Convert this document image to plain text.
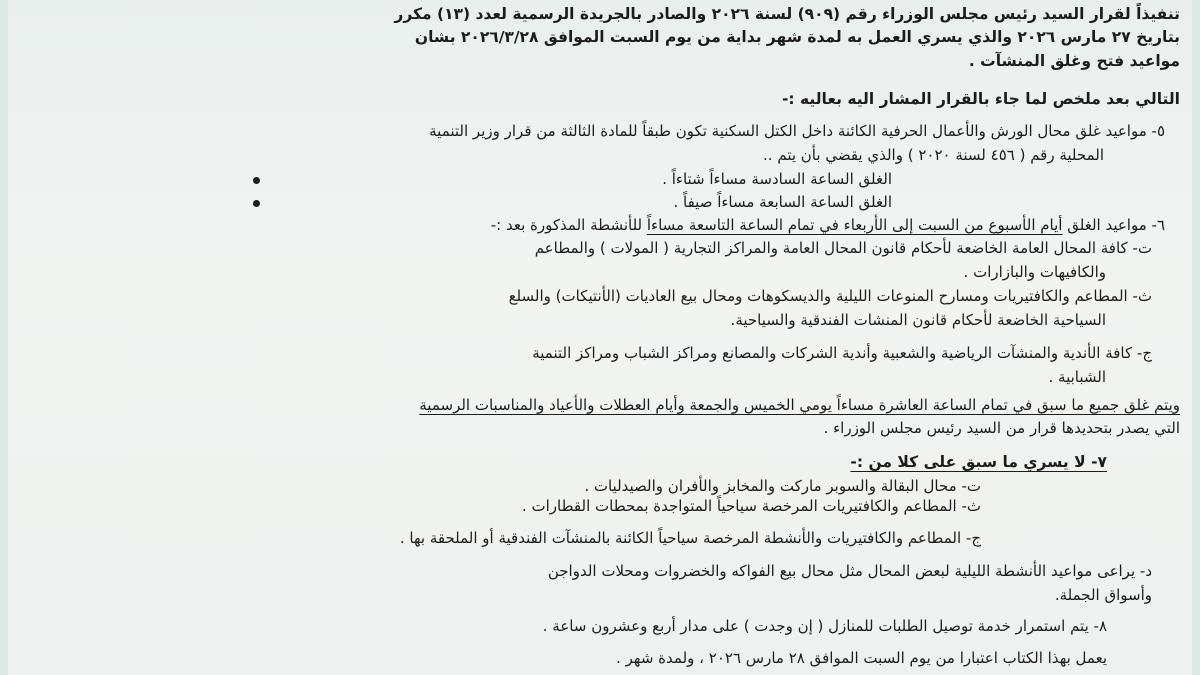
تنفيذاً لقرار السيد رئيس مجلس الوزراء رقم (٩٠٩) لسنة ٢٠٢٦ والصادر بالجريدة الرسمية لعدد (١٣) مكرر
بتاريخ ٢٧ مارس ٢٠٢٦ والذي يسري العمل به لمدة شهر بداية من يوم السبت الموافق ٢٠٢٦/٣/٢٨ بشان
مواعيد فتح وغلق المنشآت .
التالي بعد ملخص لما جاء بالقرار المشار اليه بعاليه :-
٥- مواعيد غلق محال الورش والأعمال الحرفية الكائنة داخل الكتل السكنية تكون طبقاً للمادة الثالثة من قرار وزير التنمية
المحلية رقم ( ٤٥٦ لسنة ٢٠٢٠ ) والذي يقضي بأن يتم ..
الغلق الساعة السادسة مساءاً شتاءاً .
الغلق الساعة السابعة مساءاً صيفاً .
٦- مواعيد الغلق أيام الأسبوع من السبت إلى الأربعاء في تمام الساعة التاسعة مساءاً للأنشطة المذكورة بعد :-
ت- كافة المحال العامة الخاضعة لأحكام قانون المحال العامة والمراكز التجارية ( المولات ) والمطاعم
والكافيهات والبازارات .
ث- المطاعم والكافتيريات ومسارح المنوعات الليلية والديسكوهات ومحال بيع العاديات (الأنتيكات) والسلع
السياحية الخاضعة لأحكام قانون المنشات الفندقية والسياحية.
ج- كافة الأندية والمنشآت الرياضية والشعبية وأندية الشركات والمصانع ومراكز الشباب ومراكز التنمية
الشبابية .
ويتم غلق جميع ما سبق في تمام الساعة العاشرة مساءاً يومي الخميس والجمعة وأيام العطلات والأعياد والمناسبات الرسمية
التي يصدر بتحديدها قرار من السيد رئيس مجلس الوزراء .
٧- لا يسري ما سبق على كلا من :-
ت- محال البقالة والسوبر ماركت والمخابز والأفران والصيدليات .
ث- المطاعم والكافتيريات المرخصة سياحياً المتواجدة بمحطات القطارات .
ج- المطاعم والكافتيريات والأنشطة المرخصة سياحياً الكائنة بالمنشآت الفندقية أو الملحقة بها .
د- يراعى مواعيد الأنشطة الليلية لبعض المحال مثل محال بيع الفواكه والخضروات ومحلات الدواجن
وأسواق الجملة.
٨- يتم استمرار خدمة توصيل الطلبات للمنازل ( إن وجدت ) على مدار أربع وعشرون ساعة .
يعمل بهذا الكتاب اعتبارا من يوم السبت الموافق ٢٨ مارس ٢٠٢٦ ، ولمدة شهر .
